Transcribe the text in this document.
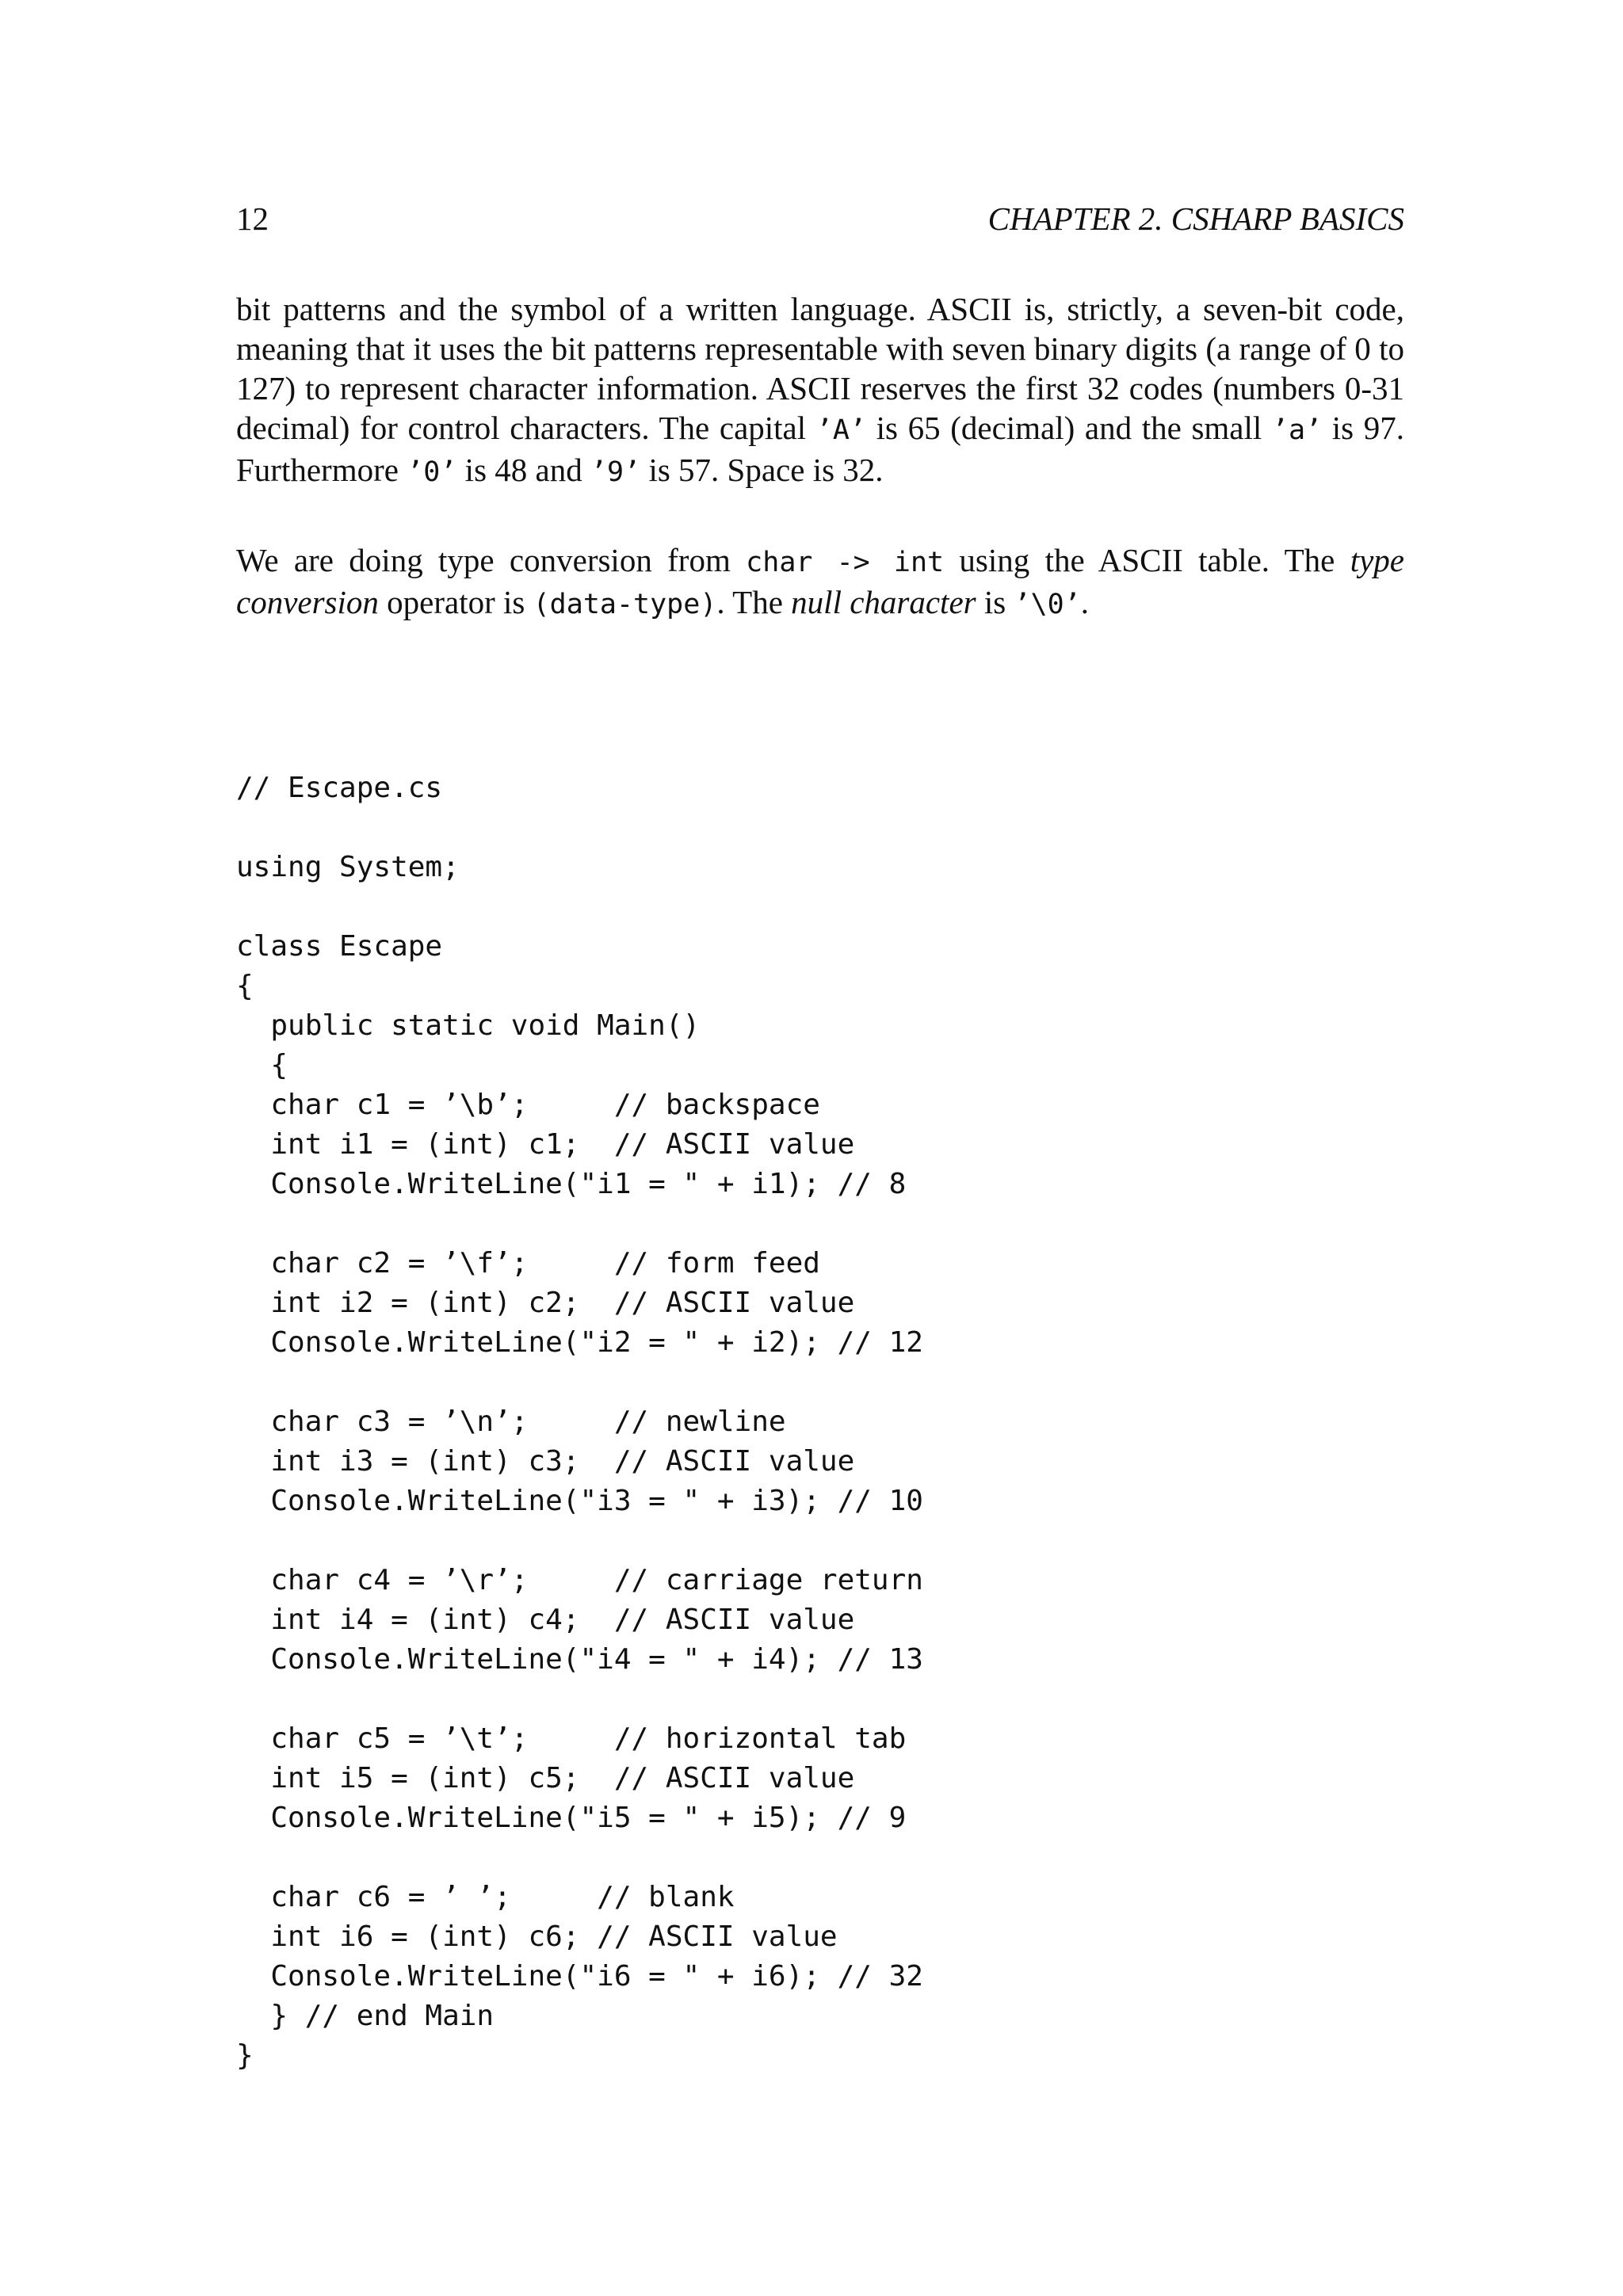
12	CHAPTER 2. CSHARP BASICS

bit patterns and the symbol of a written language. ASCII is, strictly, a seven-bit code, meaning that it uses the bit patterns representable with seven binary digits (a range of 0 to 127) to represent character information. ASCII reserves the first 32 codes (numbers 0-31 decimal) for control characters. The capital ’A’ is 65 (decimal) and the small ’a’ is 97. Furthermore ’0’ is 48 and ’9’ is 57. Space is 32.

We are doing type conversion from char -> int using the ASCII table. The type conversion operator is (data-type). The null character is ’\0’.

// Escape.cs
using System;
class Escape
{
public static void Main()
{
char c1 = ’\b’;     // backspace
int i1 = (int) c1;  // ASCII value
Console.WriteLine("i1 = " + i1); // 8
char c2 = ’\f’;     // form feed
int i2 = (int) c2;  // ASCII value
Console.WriteLine("i2 = " + i2); // 12
char c3 = ’\n’;     // newline
int i3 = (int) c3;  // ASCII value
Console.WriteLine("i3 = " + i3); // 10
char c4 = ’\r’;     // carriage return
int i4 = (int) c4;  // ASCII value
Console.WriteLine("i4 = " + i4); // 13
char c5 = ’\t’;     // horizontal tab
int i5 = (int) c5;  // ASCII value
Console.WriteLine("i5 = " + i5); // 9
char c6 = ’ ’;     // blank
int i6 = (int) c6; // ASCII value
Console.WriteLine("i6 = " + i6); // 32
} // end Main
}
